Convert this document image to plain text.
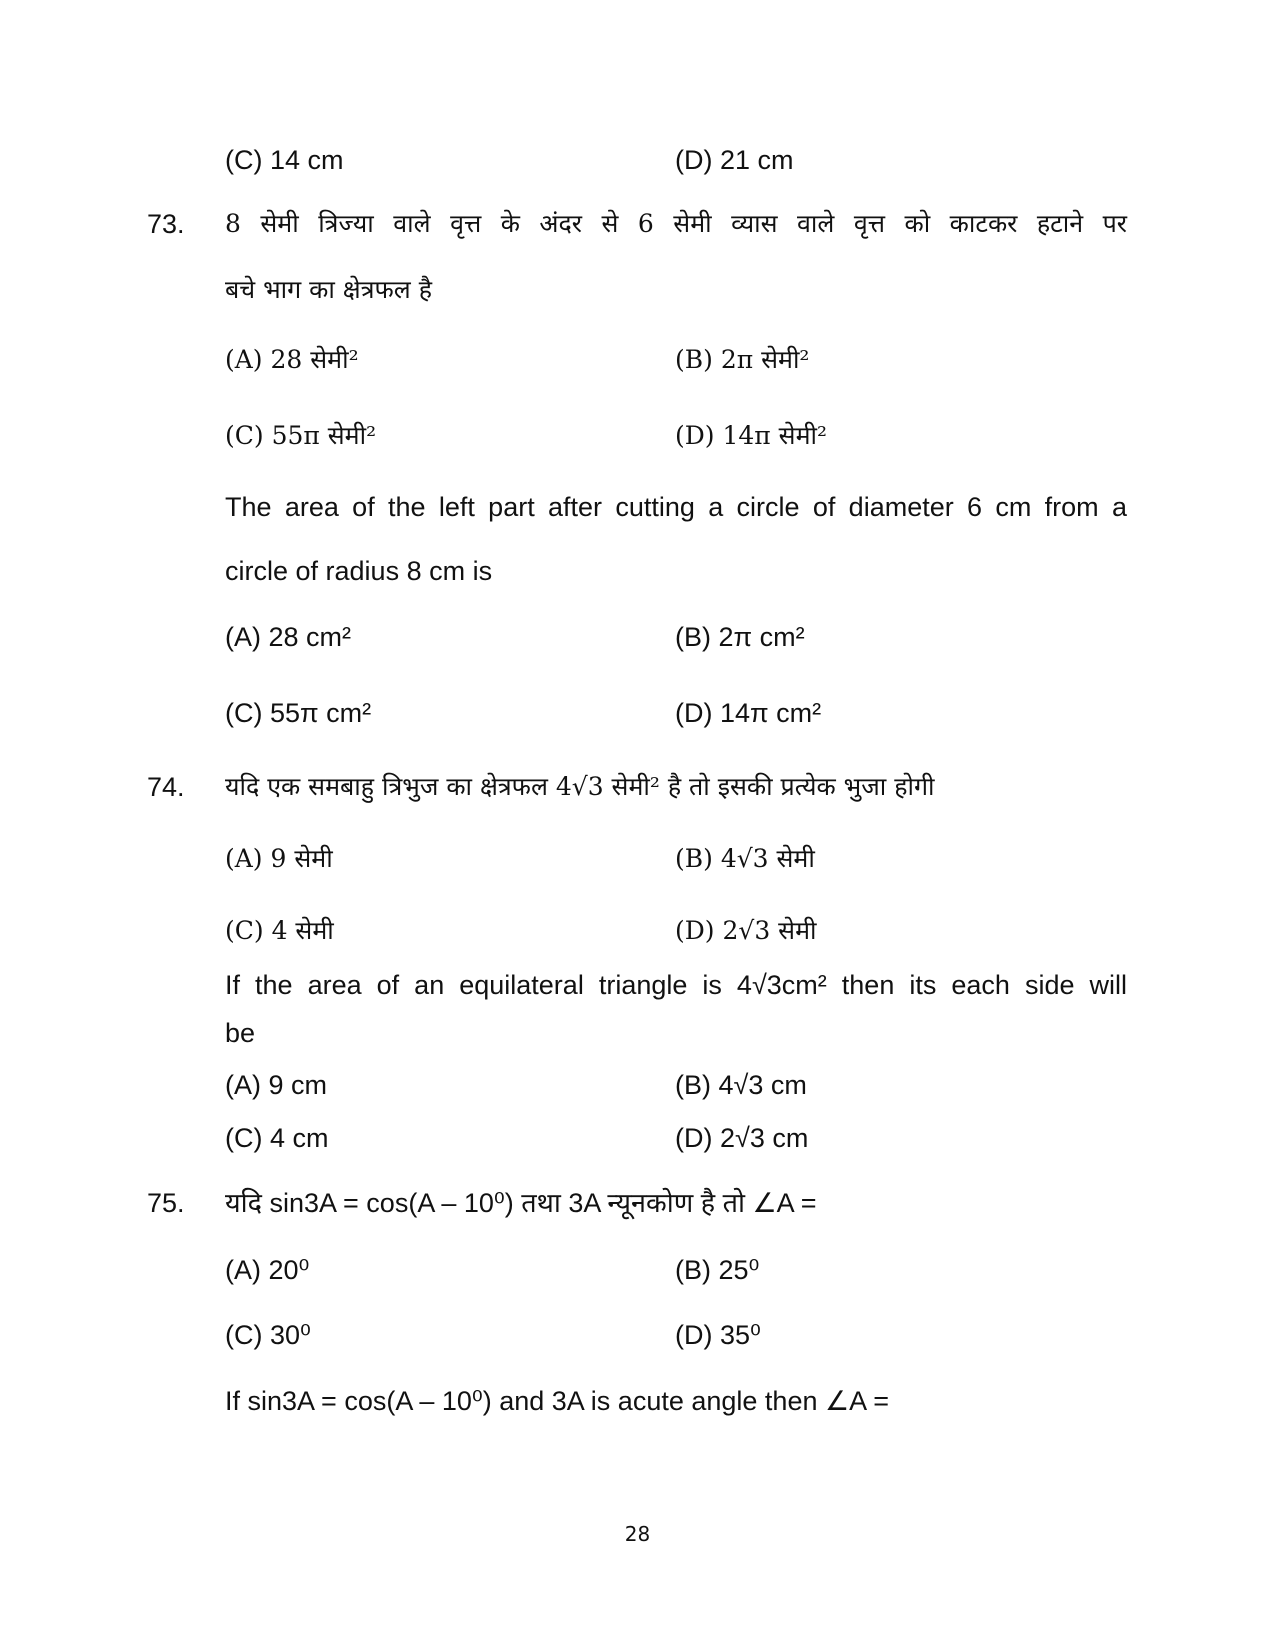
(C) 14 cm	(D) 21 cm
73. 8 सेमी त्रिज्या वाले वृत्त के अंदर से 6 सेमी व्यास वाले वृत्त को काटकर हटाने पर
बचे भाग का क्षेत्रफल है
(A) 28 सेमी²	(B) 2π सेमी²
(C) 55π सेमी²	(D) 14π सेमी²
The area of the left part after cutting a circle of diameter 6 cm from a
circle of radius 8 cm is
(A) 28 cm²	(B) 2π cm²
(C) 55π cm²	(D) 14π cm²
74. यदि एक समबाहु त्रिभुज का क्षेत्रफल 4√3 सेमी² है तो इसकी प्रत्येक भुजा होगी
(A) 9 सेमी	(B) 4√3 सेमी
(C) 4 सेमी	(D) 2√3 सेमी
If the area of an equilateral triangle is 4√3cm² then its each side will
be
(A) 9 cm	(B) 4√3 cm
(C) 4 cm	(D) 2√3 cm
75. यदि sin3A = cos(A – 10⁰) तथा 3A न्यूनकोण है तो ∠A =
(A) 20⁰	(B) 25⁰
(C) 30⁰	(D) 35⁰
If sin3A = cos(A – 10⁰) and 3A is acute angle then ∠A =
28
